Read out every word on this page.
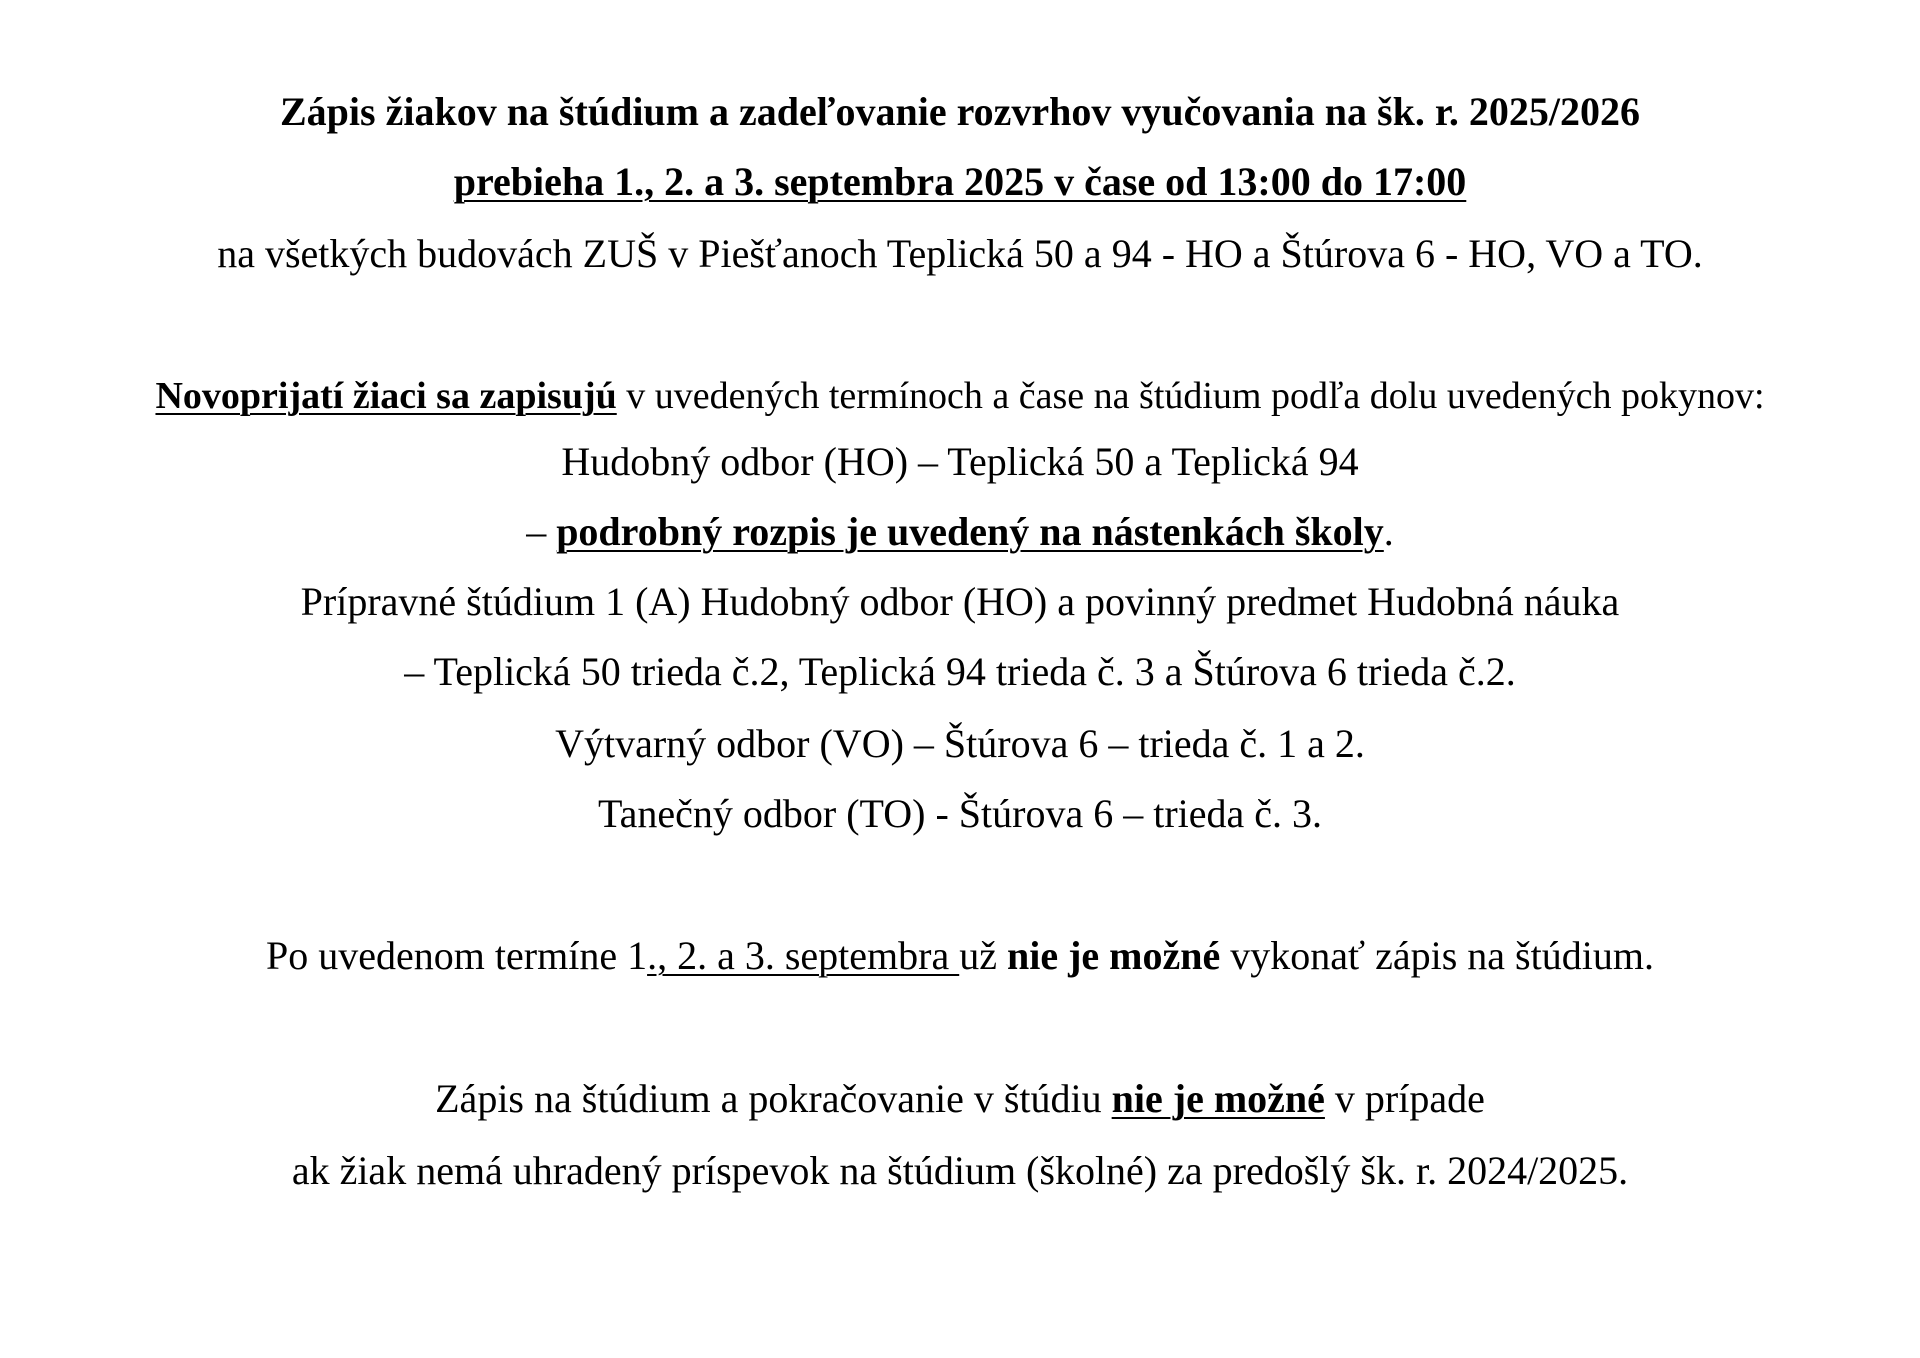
Zápis žiakov na štúdium a zadeľovanie rozvrhov vyučovania na šk. r. 2025/2026
prebieha 1., 2. a 3. septembra 2025 v čase od 13:00 do 17:00
na všetkých budovách ZUŠ v Piešťanoch Teplická 50 a 94 - HO a Štúrova 6 - HO, VO a TO.
Novoprijatí žiaci sa zapisujú v uvedených termínoch a čase na štúdium podľa dolu uvedených pokynov:
Hudobný odbor (HO) – Teplická 50 a Teplická 94
– podrobný rozpis je uvedený na nástenkách školy.
Prípravné štúdium 1 (A) Hudobný odbor (HO) a povinný predmet Hudobná náuka
– Teplická 50 trieda č.2, Teplická 94 trieda č. 3 a Štúrova 6 trieda č.2.
Výtvarný odbor (VO) – Štúrova 6 – trieda č. 1 a 2.
Tanečný odbor (TO) - Štúrova 6 – trieda č. 3.
Po uvedenom termíne 1., 2. a 3. septembra už nie je možné vykonať zápis na štúdium.
Zápis na štúdium a pokračovanie v štúdiu nie je možné v prípade
ak žiak nemá uhradený príspevok na štúdium (školné) za predošlý šk. r. 2024/2025.
